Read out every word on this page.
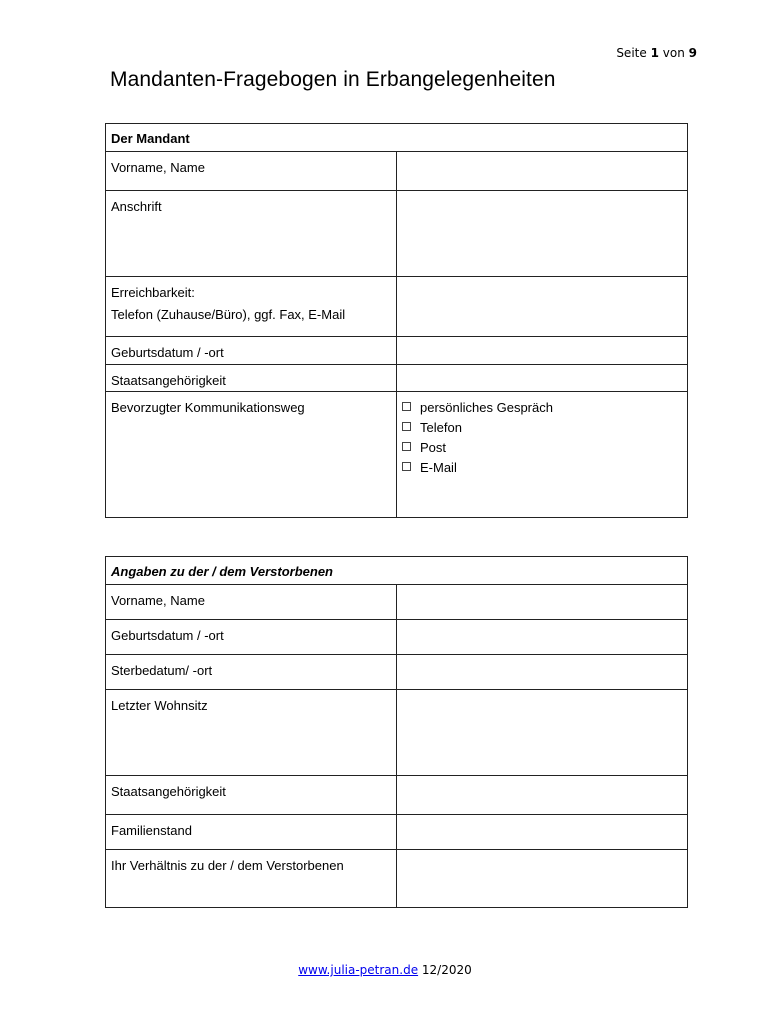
Seite 1 von 9
Mandanten-Fragebogen in Erbangelegenheiten
Der Mandant	
Vorname, Name	
Anschrift	

Erreichbarkeit:
Telefon (Zuhause/Büro), ggf. Fax, E-Mail	

Geburtsdatum / -ort	
Staatsangehörigkeit	
Bevorzugter Kommunikationsweg	persönliches Gespräch
Telefon
Post
E-Mail
Angaben zu der / dem Verstorbenen	
Vorname, Name	
Geburtsdatum / -ort	
Sterbedatum/ -ort	
Letzter Wohnsitz	
Staatsangehörigkeit	
Familienstand	
Ihr Verhältnis zu der / dem Verstorbenen	
www.julia-petran.de 12/2020
